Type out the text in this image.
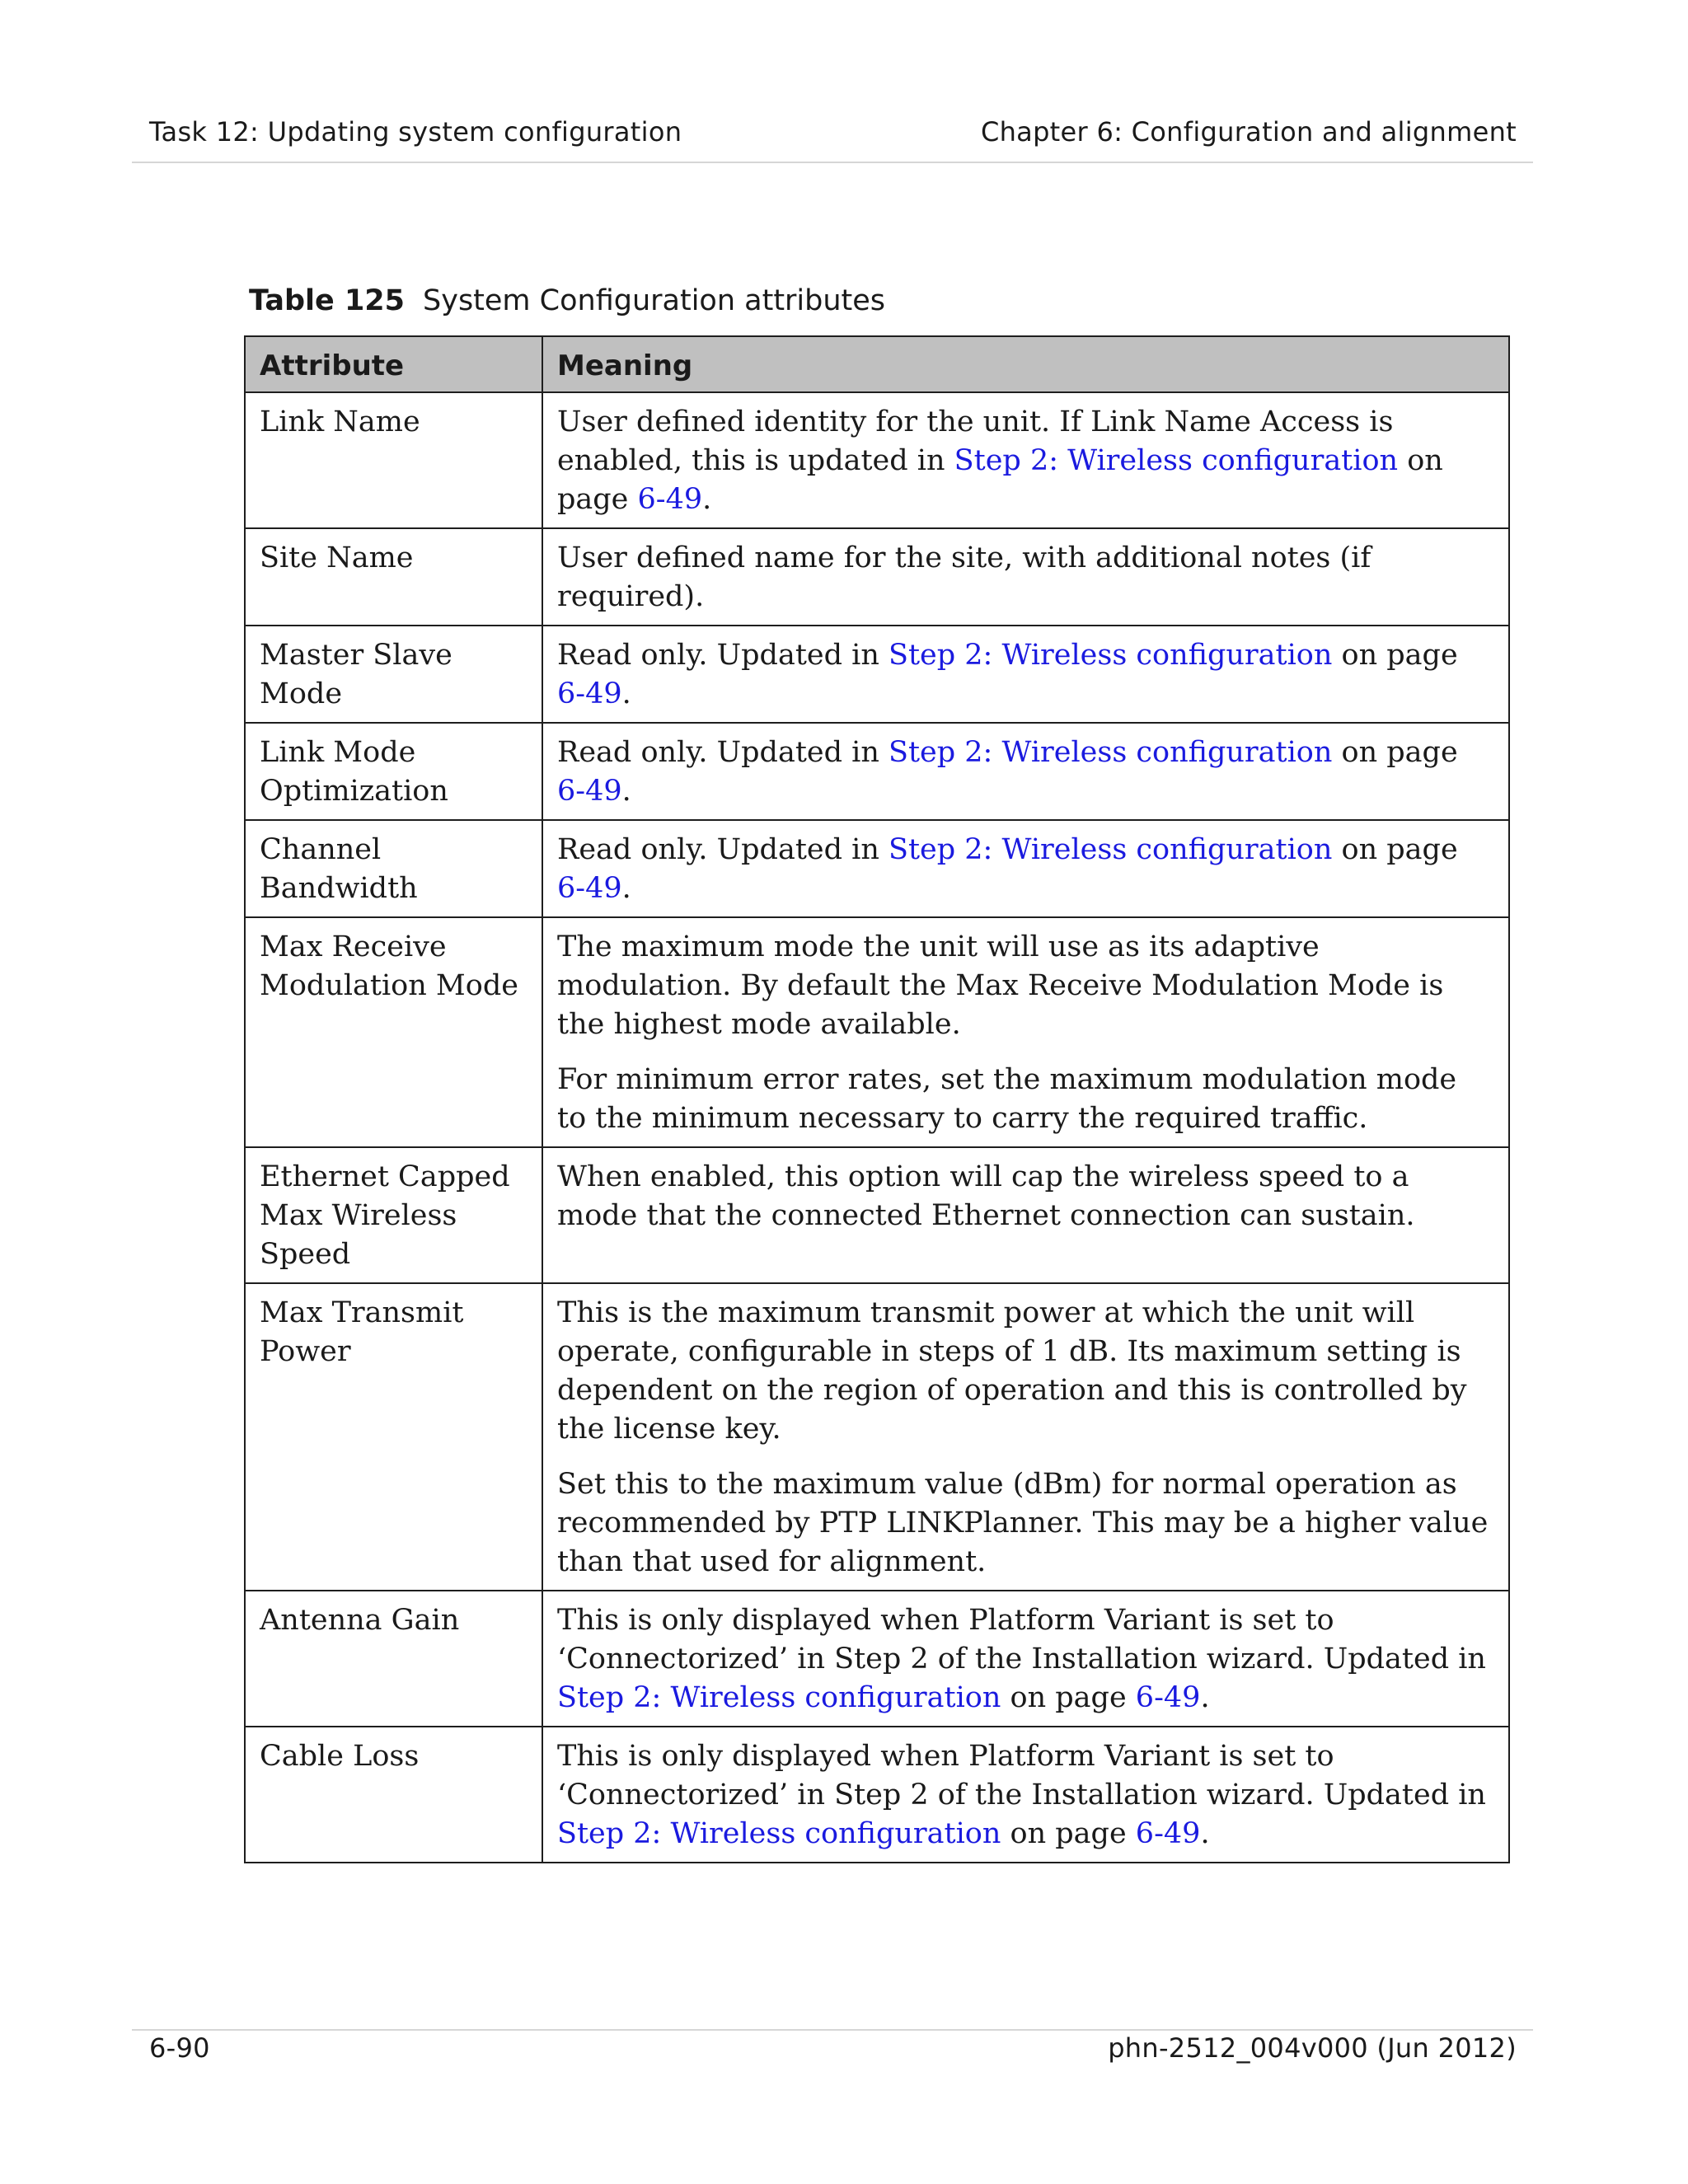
Task 12: Updating system configuration	Chapter 6: Configuration and alignment
Table 125 System Configuration attributes
Attribute	Meaning
Link Name	User defined identity for the unit. If Link Name Access is enabled, this is updated in Step 2: Wireless configuration on page 6-49.
Site Name	User defined name for the site, with additional notes (if required).
Master Slave Mode	Read only. Updated in Step 2: Wireless configuration on page 6-49.
Link Mode Optimization	Read only. Updated in Step 2: Wireless configuration on page 6-49.
Channel Bandwidth	Read only. Updated in Step 2: Wireless configuration on page 6-49.
Max Receive Modulation Mode	The maximum mode the unit will use as its adaptive modulation. By default the Max Receive Modulation Mode is the highest mode available.

For minimum error rates, set the maximum modulation mode to the minimum necessary to carry the required traffic.

Ethernet Capped Max Wireless Speed	When enabled, this option will cap the wireless speed to a mode that the connected Ethernet connection can sustain.
Max Transmit Power	This is the maximum transmit power at which the unit will operate, configurable in steps of 1 dB. Its maximum setting is dependent on the region of operation and this is controlled by the license key.

Set this to the maximum value (dBm) for normal operation as recommended by PTP LINKPlanner. This may be a higher value than that used for alignment.

Antenna Gain	This is only displayed when Platform Variant is set to ‘Connectorized’ in Step 2 of the Installation wizard. Updated in Step 2: Wireless configuration on page 6-49.
Cable Loss	This is only displayed when Platform Variant is set to ‘Connectorized’ in Step 2 of the Installation wizard. Updated in Step 2: Wireless configuration on page 6-49.
6-90	phn-2512_004v000 (Jun 2012)
